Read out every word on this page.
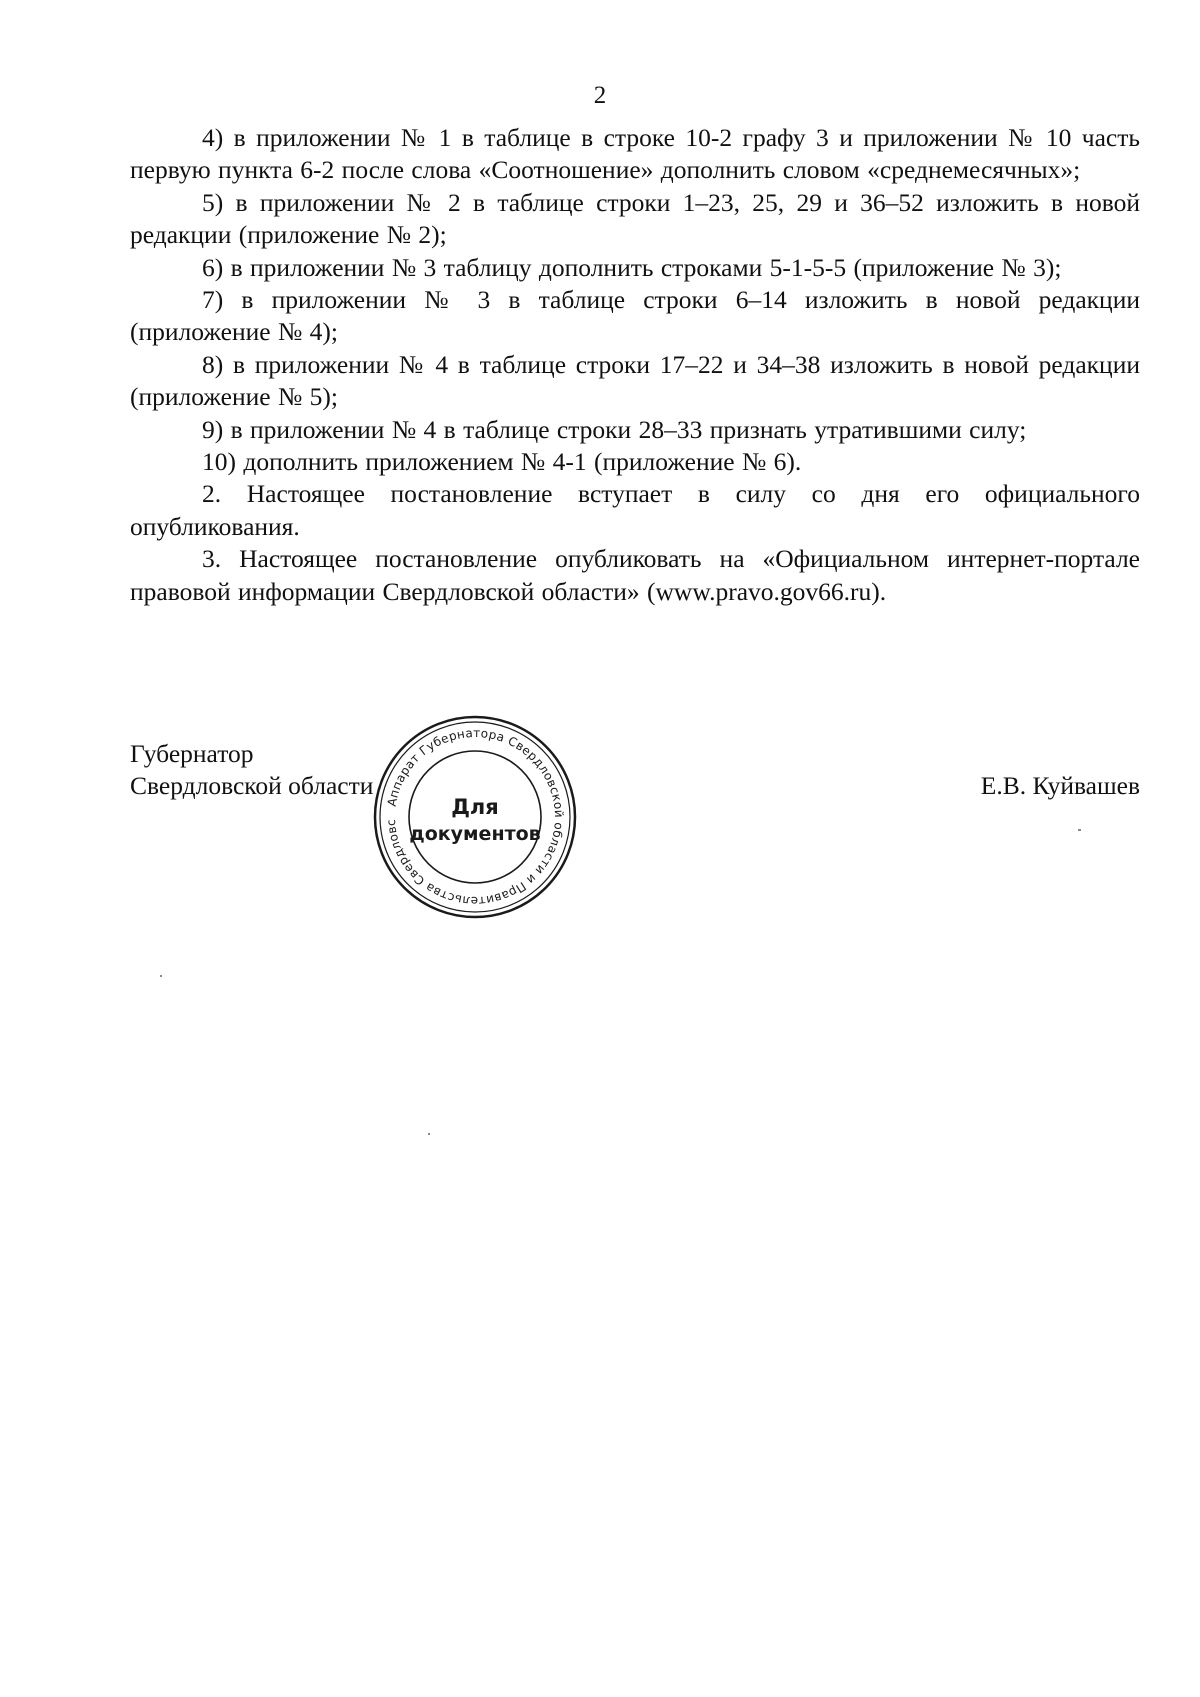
2

4) в приложении № 1 в таблице в строке 10-2 графу 3 и приложении № 10 часть первую пункта 6-2 после слова «Соотношение» дополнить словом «среднемесячных»;

5) в приложении № 2 в таблице строки 1–23, 25, 29 и 36–52 изложить в новой редакции (приложение № 2);

6) в приложении № 3 таблицу дополнить строками 5-1-5-5 (приложение № 3);

7) в приложении № 3 в таблице строки 6–14 изложить в новой редакции (приложение № 4);

8) в приложении № 4 в таблице строки 17–22 и 34–38 изложить в новой редакции (приложение № 5);

9) в приложении № 4 в таблице строки 28–33 признать утратившими силу;

10) дополнить приложением № 4-1 (приложение № 6).

2. Настоящее постановление вступает в силу со дня его официального опубликования.

3. Настоящее постановление опубликовать на «Официальном интернет-портале правовой информации Свердловской области» (www.pravo.gov66.ru).

Губернатор
Свердловской области	Е.В. Куйвашев
Аппарат Губернатора Свердловской области и Правительства Свердловс
Для
документов
